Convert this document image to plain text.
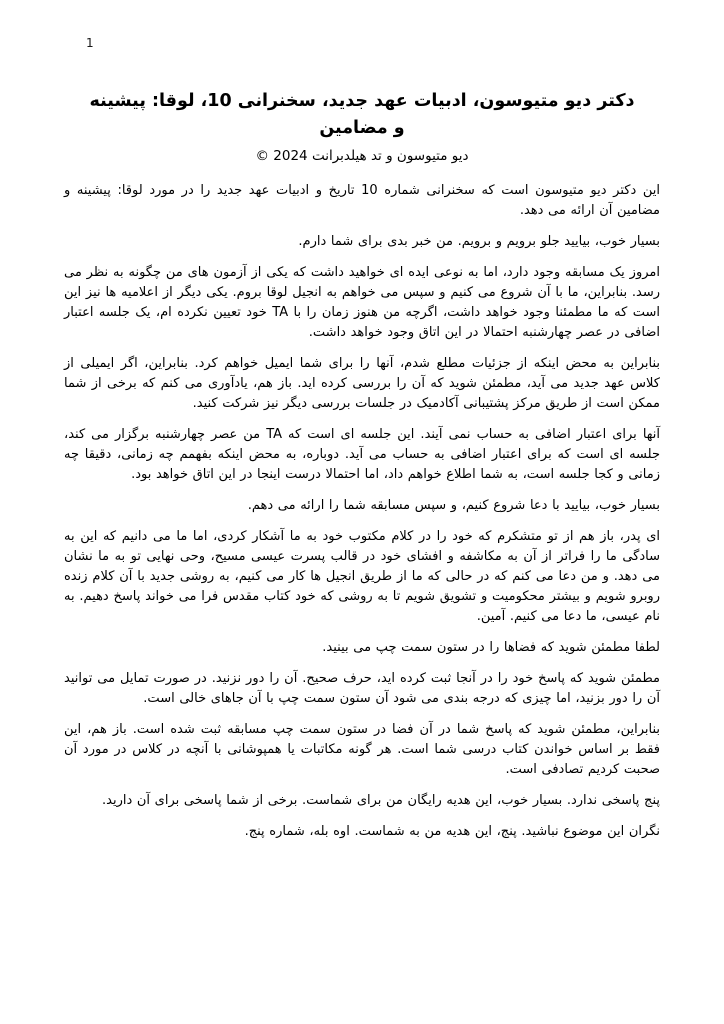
1
دکتر دیو متیوسون، ادبیات عهد جدید، سخنرانی 10، لوقا: پیشینه
و مضامین
© 2024 دیو متیوسون و تد هیلدبرانت

این دکتر دیو متیوسون است که سخنرانی شماره 10 تاریخ و ادبیات عهد جدید را در مورد لوقا: پیشینه و مضامین آن ارائه می دهد.

بسیار خوب، بیایید جلو برویم و برویم. من خبر بدی برای شما دارم.

امروز یک مسابقه وجود دارد، اما به نوعی ایده ای خواهید داشت که یکی از آزمون های من چگونه به نظر می رسد. بنابراین، ما با آن شروع می کنیم و سپس می خواهم به انجیل لوقا بروم. یکی دیگر از اعلامیه ها نیز این است که ما مطمئنا وجود خواهد داشت، اگرچه من هنوز زمان را با TA خود تعیین نکرده ام، یک جلسه اعتبار اضافی در عصر چهارشنبه احتمالا در این اتاق وجود خواهد داشت.

بنابراین به محض اینکه از جزئیات مطلع شدم، آنها را برای شما ایمیل خواهم کرد. بنابراین، اگر ایمیلی از کلاس عهد جدید می آید، مطمئن شوید که آن را بررسی کرده اید. باز هم، یادآوری می کنم که برخی از شما ممکن است از طریق مرکز پشتیبانی آکادمیک در جلسات بررسی دیگر نیز شرکت کنید.

آنها برای اعتبار اضافی به حساب نمی آیند. این جلسه ای است که TA من عصر چهارشنبه برگزار می کند، جلسه ای است که برای اعتبار اضافی به حساب می آید. دوباره، به محض اینکه بفهمم چه زمانی، دقیقا چه زمانی و کجا جلسه است، به شما اطلاع خواهم داد، اما احتمالا درست اینجا در این اتاق خواهد بود.

بسیار خوب، بیایید با دعا شروع کنیم، و سپس مسابقه شما را ارائه می دهم.

ای پدر، باز هم از تو متشکرم که خود را در کلام مکتوب خود به ما آشکار کردی، اما ما می دانیم که این به سادگی ما را فراتر از آن به مکاشفه و افشای خود در قالب پسرت عیسی مسیح، وحی نهایی تو به ما نشان می دهد. و من دعا می کنم که در حالی که ما از طریق انجیل ها کار می کنیم، به روشی جدید با آن کلام زنده روبرو شویم و بیشتر محکومیت و تشویق شویم تا به روشی که خود کتاب مقدس فرا می خواند پاسخ دهیم. به نام عیسی، ما دعا می کنیم. آمین.

لطفا مطمئن شوید که فضاها را در ستون سمت چپ می بینید.

مطمئن شوید که پاسخ خود را در آنجا ثبت کرده اید، حرف صحیح. آن را دور نزنید. در صورت تمایل می توانید آن را دور بزنید، اما چیزی که درجه بندی می شود آن ستون سمت چپ با آن جاهای خالی است.

بنابراین، مطمئن شوید که پاسخ شما در آن فضا در ستون سمت چپ مسابقه ثبت شده است. باز هم، این فقط بر اساس خواندن کتاب درسی شما است. هر گونه مکاتبات یا همپوشانی با آنچه در کلاس در مورد آن صحبت کردیم تصادفی است.

پنج پاسخی ندارد. بسیار خوب، این هدیه رایگان من برای شماست. برخی از شما پاسخی برای آن دارید.

نگران این موضوع نباشید. پنج، این هدیه من به شماست. اوه بله، شماره پنج.
